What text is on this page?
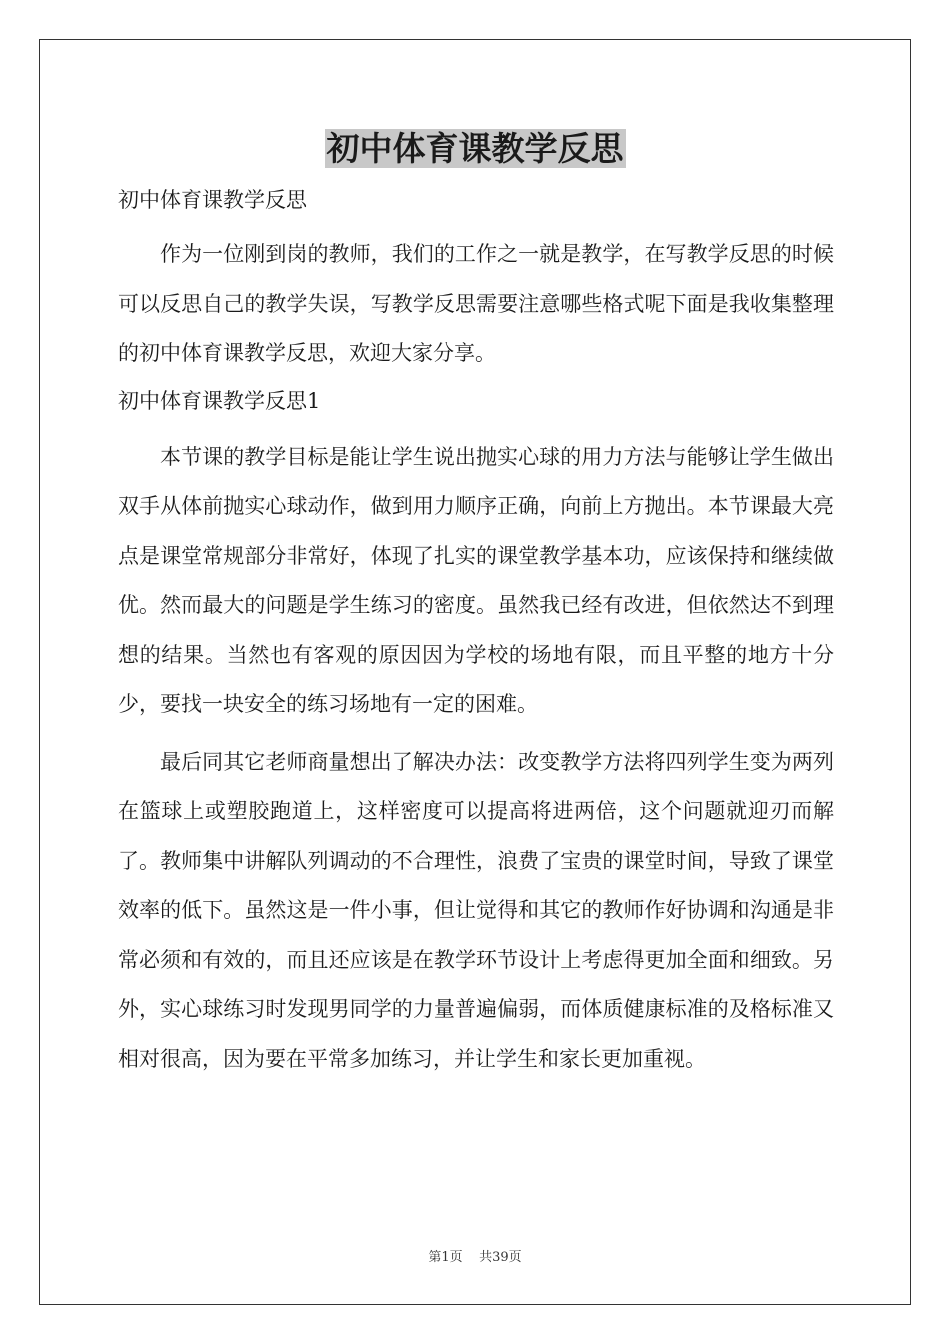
初中体育课教学反思
初中体育课教学反思

作为一位刚到岗的教师，我们的工作之一就是教学，在写教学反思的时候可以反思自己的教学失误，写教学反思需要注意哪些格式呢下面是我收集整理的初中体育课教学反思，欢迎大家分享。

初中体育课教学反思1

本节课的教学目标是能让学生说出抛实心球的用力方法与能够让学生做出双手从体前抛实心球动作，做到用力顺序正确，向前上方抛出。本节课最大亮点是课堂常规部分非常好，体现了扎实的课堂教学基本功，应该保持和继续做优。然而最大的问题是学生练习的密度。虽然我已经有改进，但依然达不到理想的结果。当然也有客观的原因因为学校的场地有限，而且平整的地方十分少，要找一块安全的练习场地有一定的困难。

最后同其它老师商量想出了解决办法：改变教学方法将四列学生变为两列在篮球上或塑胶跑道上，这样密度可以提高将进两倍，这个问题就迎刃而解了。教师集中讲解队列调动的不合理性，浪费了宝贵的课堂时间，导致了课堂效率的低下。虽然这是一件小事，但让觉得和其它的教师作好协调和沟通是非常必须和有效的，而且还应该是在教学环节设计上考虑得更加全面和细致。另外，实心球练习时发现男同学的力量普遍偏弱，而体质健康标准的及格标准又相对很高，因为要在平常多加练习，并让学生和家长更加重视。

第1页 共39页
